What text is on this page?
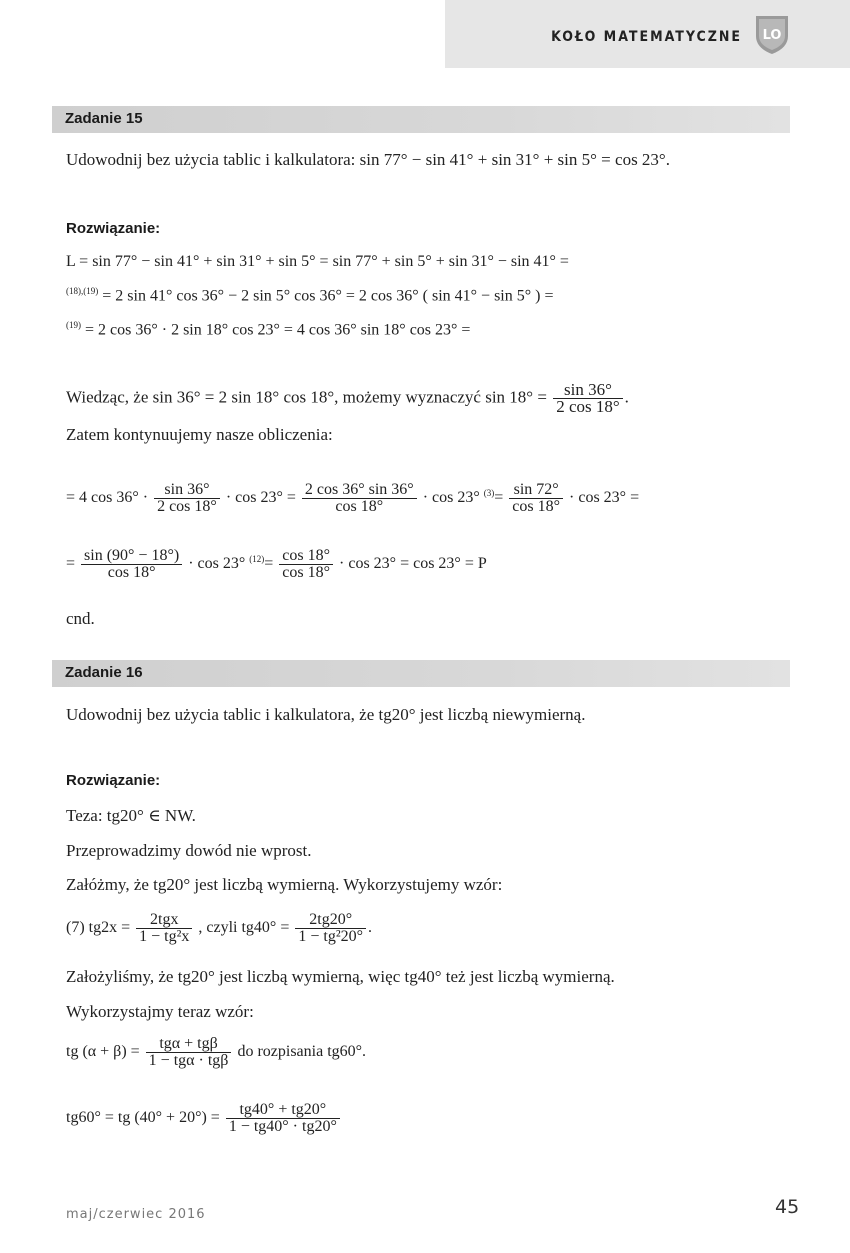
KOŁO MATEMATYCZNE LO
Zadanie 15
Udowodnij bez użycia tablic i kalkulatora: sin 77° − sin 41° + sin 31° + sin 5° = cos 23°.
Rozwiązanie:
L = sin 77° − sin 41° + sin 31° + sin 5° = sin 77° + sin 5° + sin 31° − sin 41° =
$^{(18),(19)}$ = 2 sin 41° cos 36° − 2 sin 5° cos 36° = 2 cos 36° ( sin 41° − sin 5° ) =
$^{(19)}$ = 2 cos 36° · 2 sin 18° cos 23° = 4 cos 36° sin 18° cos 23° =
Wiedząc, że sin 36° = 2 sin 18° cos 18°, możemy wyznaczyć $\sin 18^\circ = \frac{\sin 36^\circ}{2 \cos 18^\circ}$ .
Zatem kontynuujemy nasze obliczenia:
= 4 $\cos 36^\circ \cdot \frac{\sin 36^\circ}{2 \cos 18^\circ} \cdot \cos 23^\circ = \frac{2 \cos 36^\circ \sin 36^\circ}{\cos 18^\circ} \cdot \cos 23^\circ$ $^{(3)}= \frac{\sin 72^\circ}{\cos 18^\circ} \cdot \cos 23^\circ$ =
= $\frac{\sin (90^\circ - 18^\circ)}{\cos 18^\circ} \cdot \cos 23^\circ$ $^{(12)}= \frac{\cos 18^\circ}{\cos 18^\circ} \cdot \cos 23^\circ = \cos 23^\circ = P$
cnd.
Zadanie 16
Udowodnij bez użycia tablic i kalkulatora, że tg20° jest liczbą niewymierną.
Rozwiązanie:
Teza: tg20° ∈ NW.
Przeprowadzimy dowód nie wprost.
Załóżmy, że tg20° jest liczbą wymierną. Wykorzystujemy wzór:
(7) $tg2x = \frac{\text{2tgx}}{\text{1 − tg²x}}$ , czyli $tg40^\circ = \frac{2tg20^\circ}{\text{1 − tg²20°}}$ .
Założyliśmy, że tg20° jest liczbą wymierną, więc tg40° też jest liczbą wymierną.
Wykorzystajmy teraz wzór:
tg $(\alpha + \beta) = \frac{\text{tgα + tgβ}}{\text{1 − tgα · tgβ}}$ do rozpisania tg60°.
tg60° = tg $(40^\circ + 20^\circ) = \frac{tg40^\circ + tg20^\circ}{1 - tg40^\circ \cdot tg20^\circ}$
maj/czerwiec 2016	45
